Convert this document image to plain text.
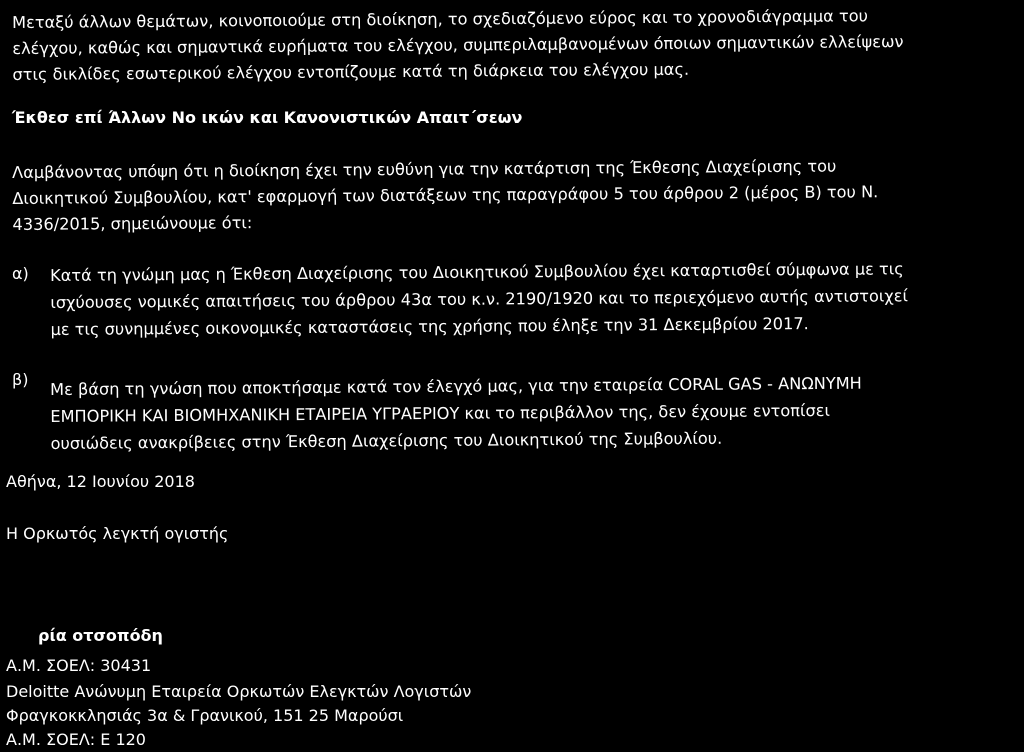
Μεταξύ άλλων θεμάτων, κοινοποιούμε στη διοίκηση, το σχεδιαζόμενο εύρος και το χρονοδιάγραμμα του
ελέγχου, καθώς και σημαντικά ευρήματα του ελέγχου, συμπεριλαμβανομένων όποιων σημαντικών ελλείψεων
στις δικλίδες εσωτερικού ελέγχου εντοπίζουμε κατά τη διάρκεια του ελέγχου μας.
Έκθεσ επί Άλλων Νο ικών και Κανονιστικών Απαιτ΄σεων
Λαμβάνοντας υπόψη ότι η διοίκηση έχει την ευθύνη για την κατάρτιση της Έκθεσης Διαχείρισης του
Διοικητικού Συμβουλίου, κατ' εφαρμογή των διατάξεων της παραγράφου 5 του άρθρου 2 (μέρος Β) του Ν.
4336/2015, σημειώνουμε ότι:
α) Κατά τη γνώμη μας η Έκθεση Διαχείρισης του Διοικητικού Συμβουλίου έχει καταρτισθεί σύμφωνα με τις
ισχύουσες νομικές απαιτήσεις του άρθρου 43α του κ.ν. 2190/1920 και το περιεχόμενο αυτής αντιστοιχεί
με τις συνημμένες οικονομικές καταστάσεις της χρήσης που έληξε την 31 Δεκεμβρίου 2017.
β) Με βάση τη γνώση που αποκτήσαμε κατά τον έλεγχό μας, για την εταιρεία CORAL GAS - ΑΝΩΝΥΜΗ
ΕΜΠΟΡΙΚΗ ΚΑΙ ΒΙΟΜΗΧΑΝΙΚΗ ΕΤΑΙΡΕΙΑ ΥΓΡΑΕΡΙΟΥ και το περιβάλλον της, δεν έχουμε εντοπίσει
ουσιώδεις ανακρίβειες στην Έκθεση Διαχείρισης του Διοικητικού της Συμβουλίου.
Αθήνα, 12 Ιουνίου 2018
Η Ορκωτός λεγκτή ογιστής
ρία οτσοπόδη
Α.Μ. ΣΟΕΛ: 30431
Deloitte Ανώνυμη Εταιρεία Ορκωτών Ελεγκτών Λογιστών
Φραγκοκκλησιάς 3α & Γρανικού, 151 25 Μαρούσι
Α.Μ. ΣΟΕΛ: Ε 120
